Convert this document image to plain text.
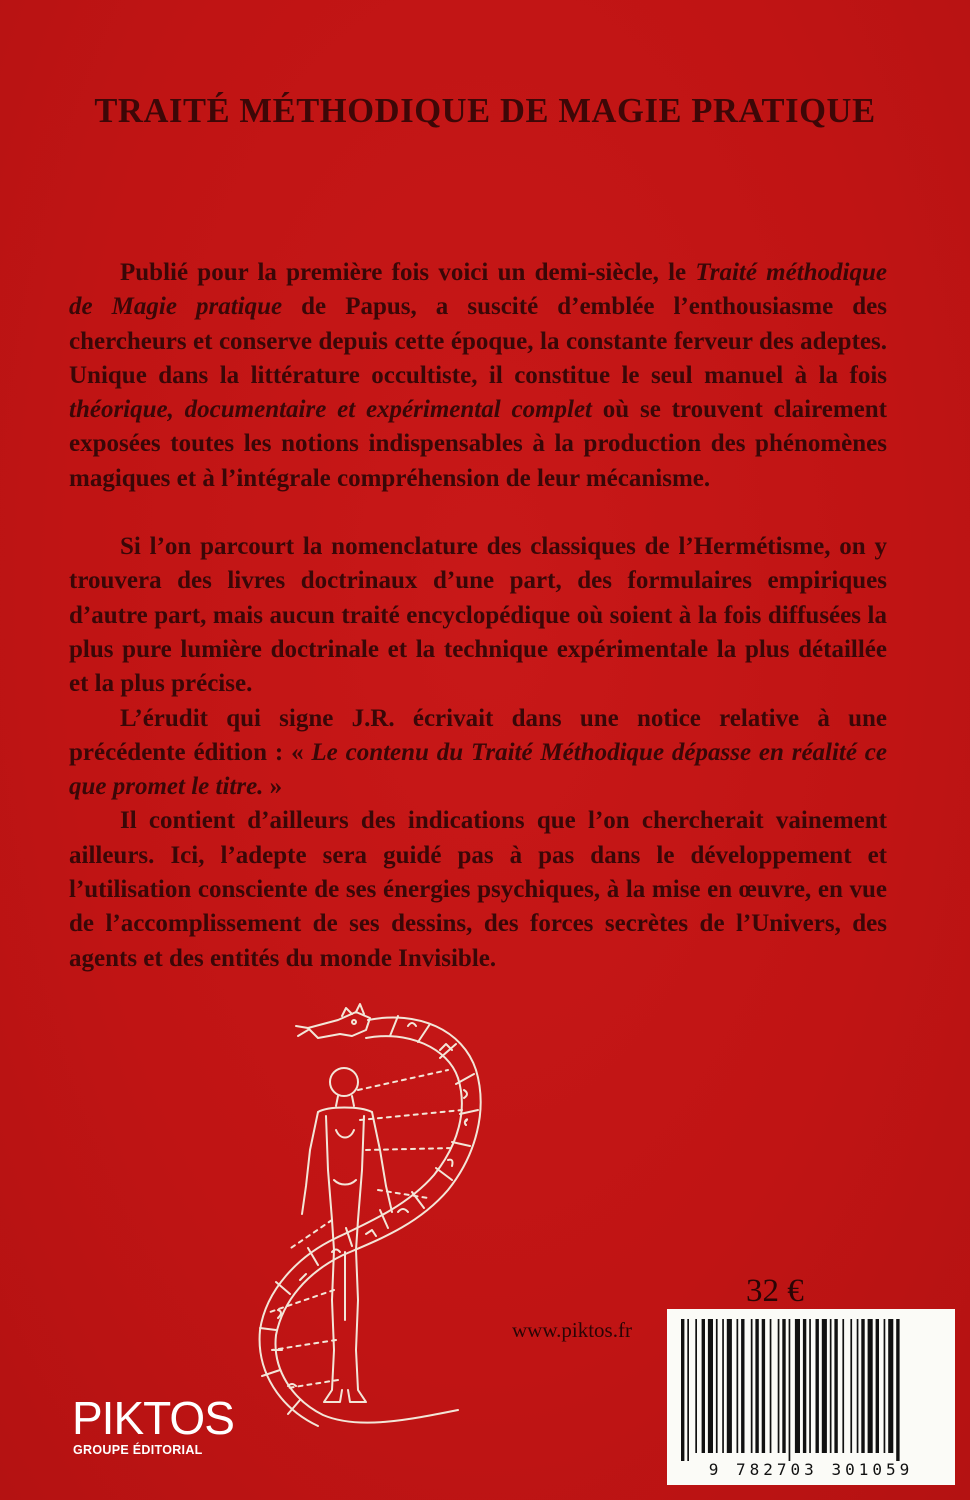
TRAITÉ MÉTHODIQUE DE MAGIE PRATIQUE

Publié pour la première fois voici un demi-siècle, le Traité méthodique de Magie pratique de Papus, a suscité d’emblée l’enthousiasme des chercheurs et conserve depuis cette époque, la constante ferveur des adeptes. Unique dans la littérature occultiste, il constitue le seul manuel à la fois théorique, documentaire et expérimental complet où se trouvent clairement exposées toutes les notions indispensables à la production des phénomènes magiques et à l’intégrale compréhension de leur mécanisme.

Si l’on parcourt la nomenclature des classiques de l’Hermétisme, on y trouvera des livres doctrinaux d’une part, des formulaires empiriques d’autre part, mais aucun traité encyclopédique où soient à la fois diffusées la plus pure lumière doctrinale et la technique expérimentale la plus détaillée et la plus précise.

L’érudit qui signe J.R. écrivait dans une notice relative à une précédente édition : « Le contenu du Traité Méthodique dépasse en réalité ce que promet le titre. »

Il contient d’ailleurs des indications que l’on chercherait vainement ailleurs. Ici, l’adepte sera guidé pas à pas dans le développement et l’utilisation consciente de ses énergies psychiques, à la mise en œuvre, en vue de l’accomplissement de ses dessins, des forces secrètes de l’Univers, des agents et des entités du monde Invisible.

32 €
www.piktos.fr
9 782703 301059
PIKTOS
GROUPE ÉDITORIAL
